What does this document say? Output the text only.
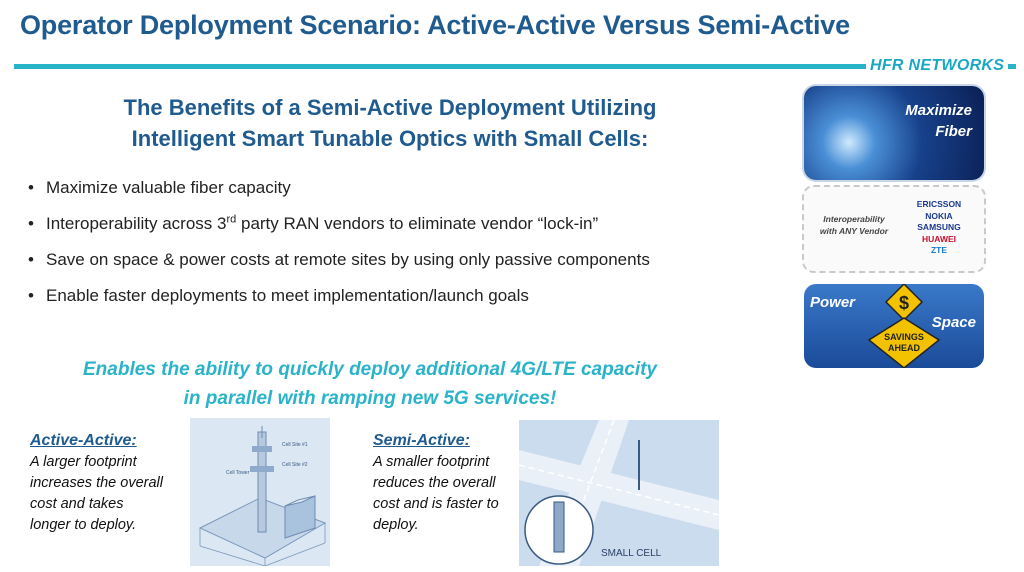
Operator Deployment Scenario: Active-Active Versus Semi-Active
HFR NETWORKS
The Benefits of a Semi-Active Deployment Utilizing
Intelligent Smart Tunable Optics with Small Cells:
• Maximize valuable fiber capacity
• Interoperability across 3rd party RAN vendors to eliminate vendor “lock-in”
• Save on space & power costs at remote sites by using only passive components
• Enable faster deployments to meet implementation/launch goals
Enables the ability to quickly deploy additional 4G/LTE capacity
in parallel with ramping new 5G services!
Active-Active:
A larger footprint
increases the overall
cost and takes
longer to deploy.
Semi-Active:
A smaller footprint
reduces the overall
cost and is faster to
deploy.
Cell Site #1
Cell Site #2
Cell Tower
SMALL CELL
Maximize
Fiber
Interoperability
with ANY Vendor
ERICSSON
NOKIA
SAMSUNG
HUAWEI
ZTE
$
SAVINGS
AHEAD
Power
Space
